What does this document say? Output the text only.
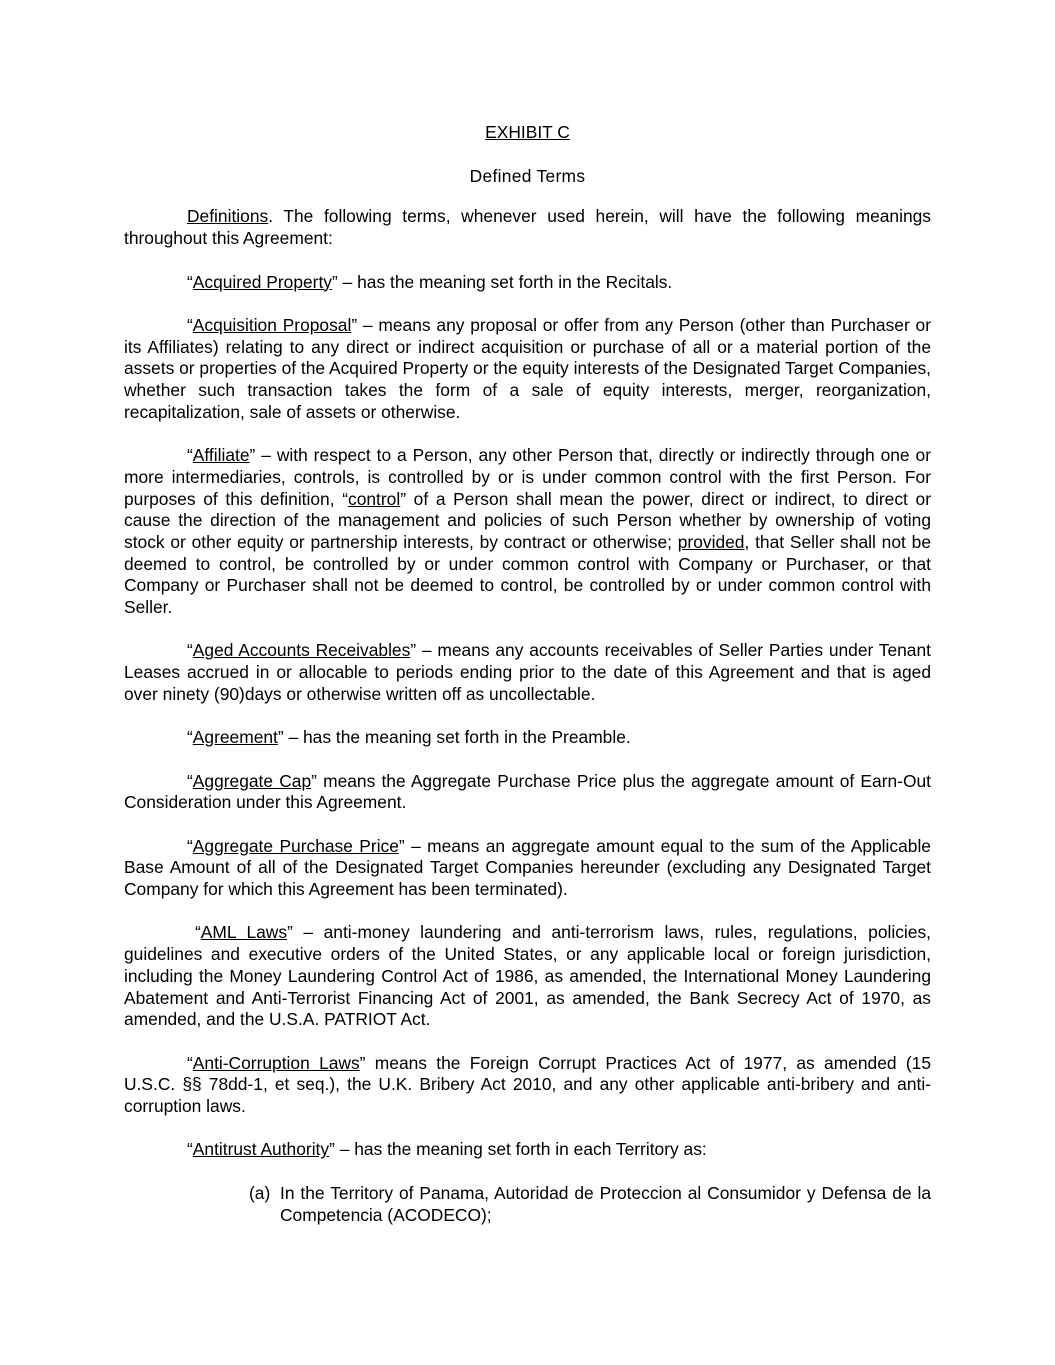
EXHIBIT C
Defined Terms

Definitions. The following terms, whenever used herein, will have the following meanings throughout this Agreement:

“Acquired Property” – has the meaning set forth in the Recitals.

“Acquisition Proposal” – means any proposal or offer from any Person (other than Purchaser or its Affiliates) relating to any direct or indirect acquisition or purchase of all or a material portion of the assets or properties of the Acquired Property or the equity interests of the Designated Target Companies, whether such transaction takes the form of a sale of equity interests, merger, reorganization, recapitalization, sale of assets or otherwise.

“Affiliate” – with respect to a Person, any other Person that, directly or indirectly through one or more intermediaries, controls, is controlled by or is under common control with the first Person. For purposes of this definition, “control” of a Person shall mean the power, direct or indirect, to direct or cause the direction of the management and policies of such Person whether by ownership of voting stock or other equity or partnership interests, by contract or otherwise; provided, that Seller shall not be deemed to control, be controlled by or under common control with Company or Purchaser, or that Company or Purchaser shall not be deemed to control, be controlled by or under common control with Seller.

“Aged Accounts Receivables” – means any accounts receivables of Seller Parties under Tenant Leases accrued in or allocable to periods ending prior to the date of this Agreement and that is aged over ninety (90)days or otherwise written off as uncollectable.

“Agreement” – has the meaning set forth in the Preamble.

“Aggregate Cap” means the Aggregate Purchase Price plus the aggregate amount of Earn-Out Consideration under this Agreement.

“Aggregate Purchase Price” – means an aggregate amount equal to the sum of the Applicable Base Amount of all of the Designated Target Companies hereunder (excluding any Designated Target Company for which this Agreement has been terminated).

“AML Laws” – anti-money laundering and anti-terrorism laws, rules, regulations, policies, guidelines and executive orders of the United States, or any applicable local or foreign jurisdiction, including the Money Laundering Control Act of 1986, as amended, the International Money Laundering Abatement and Anti-Terrorist Financing Act of 2001, as amended, the Bank Secrecy Act of 1970, as amended, and the U.S.A. PATRIOT Act.

“Anti-Corruption Laws” means the Foreign Corrupt Practices Act of 1977, as amended (15 U.S.C. §§ 78dd-1, et seq.), the U.K. Bribery Act 2010, and any other applicable anti-bribery and anti-corruption laws.

“Antitrust Authority” – has the meaning set forth in each Territory as:

(a) In the Territory of Panama, Autoridad de Proteccion al Consumidor y Defensa de la Competencia (ACODECO);
